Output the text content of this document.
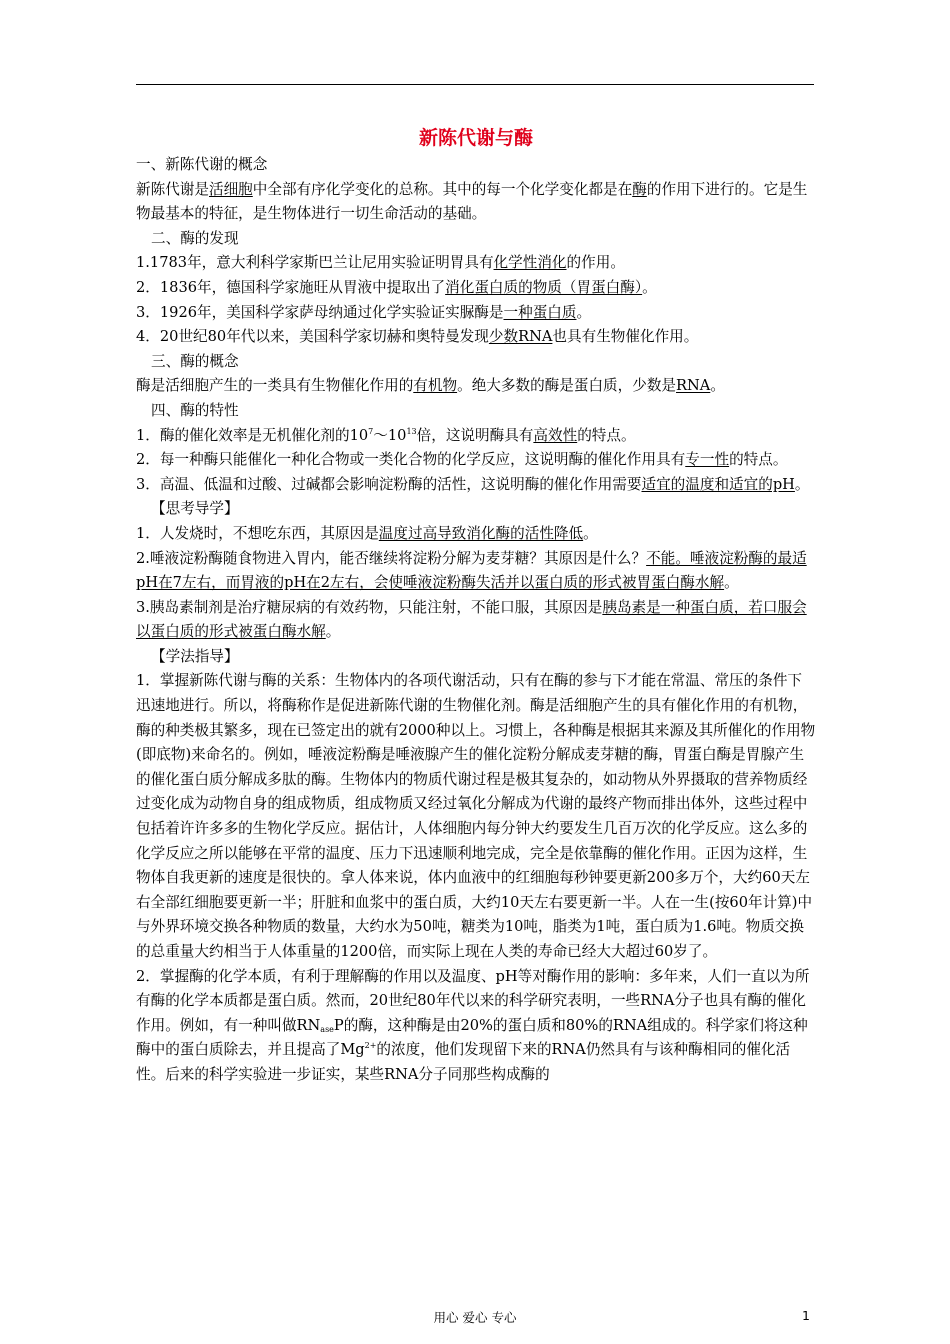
新陈代谢与酶

一、新陈代谢的概念

新陈代谢是活细胞中全部有序化学变化的总称。其中的每一个化学变化都是在酶的作用下进行的。它是生物最基本的特征，是生物体进行一切生命活动的基础。

二、酶的发现

1.1783年，意大利科学家斯巴兰让尼用实验证明胃具有化学性消化的作用。

2．1836年，德国科学家施旺从胃液中提取出了消化蛋白质的物质（胃蛋白酶）。

3．1926年，美国科学家萨母纳通过化学实验证实脲酶是一种蛋白质。

4．20世纪80年代以来，美国科学家切赫和奥特曼发现少数RNA也具有生物催化作用。

三、酶的概念

酶是活细胞产生的一类具有生物催化作用的有机物。绝大多数的酶是蛋白质，少数是RNA。

四、酶的特性

1．酶的催化效率是无机催化剂的$10^7\sim 10^{13}$倍，这说明酶具有高效性的特点。

2．每一种酶只能催化一种化合物或一类化合物的化学反应，这说明酶的催化作用具有专一性的特点。

3．高温、低温和过酸、过碱都会影响淀粉酶的活性，这说明酶的催化作用需要适宜的温度和适宜的pH。

【思考导学】

1．人发烧时，不想吃东西，其原因是温度过高导致消化酶的活性降低。

2.唾液淀粉酶随食物进入胃内，能否继续将淀粉分解为麦芽糖？其原因是什么？不能。唾液淀粉酶的最适pH在7左右，而胃液的pH在2左右，会使唾液淀粉酶失活并以蛋白质的形式被胃蛋白酶水解。

3.胰岛素制剂是治疗糖尿病的有效药物，只能注射，不能口服，其原因是胰岛素是一种蛋白质，若口服会以蛋白质的形式被蛋白酶水解。

【学法指导】

1．掌握新陈代谢与酶的关系：生物体内的各项代谢活动，只有在酶的参与下才能在常温、常压的条件下迅速地进行。所以，将酶称作是促进新陈代谢的生物催化剂。酶是活细胞产生的具有催化作用的有机物，酶的种类极其繁多，现在已签定出的就有2000种以上。习惯上，各种酶是根据其来源及其所催化的作用物(即底物)来命名的。例如，唾液淀粉酶是唾液腺产生的催化淀粉分解成麦芽糖的酶，胃蛋白酶是胃腺产生的催化蛋白质分解成多肽的酶。生物体内的物质代谢过程是极其复杂的，如动物从外界摄取的营养物质经过变化成为动物自身的组成物质，组成物质又经过氧化分解成为代谢的最终产物而排出体外，这些过程中包括着许许多多的生物化学反应。据估计，人体细胞内每分钟大约要发生几百万次的化学反应。这么多的化学反应之所以能够在平常的温度、压力下迅速顺利地完成，完全是依靠酶的催化作用。正因为这样，生物体自我更新的速度是很快的。拿人体来说，体内血液中的红细胞每秒钟要更新200多万个，大约60天左右全部红细胞要更新一半；肝脏和血浆中的蛋白质，大约10天左右要更新一半。人在一生(按60年计算)中与外界环境交换各种物质的数量，大约水为50吨，糖类为10吨，脂类为1吨，蛋白质为1.6吨。物质交换的总重量大约相当于人体重量的1200倍，而实际上现在人类的寿命已经大大超过60岁了。

2．掌握酶的化学本质，有利于理解酶的作用以及温度、pH等对酶作用的影响：多年来，人们一直以为所有酶的化学本质都是蛋白质。然而，20世纪80年代以来的科学研究表明，一些RNA分子也具有酶的催化作用。例如，有一种叫做$RN_{ase}P$的酶，这种酶是由20%的蛋白质和80%的RNA组成的。科学家们将这种酶中的蛋白质除去，并且提高了$Mg^{2+}$的浓度，他们发现留下来的RNA仍然具有与该种酶相同的催化活性。后来的科学实验进一步证实，某些RNA分子同那些构成酶的

用心 爱心 专心	1
